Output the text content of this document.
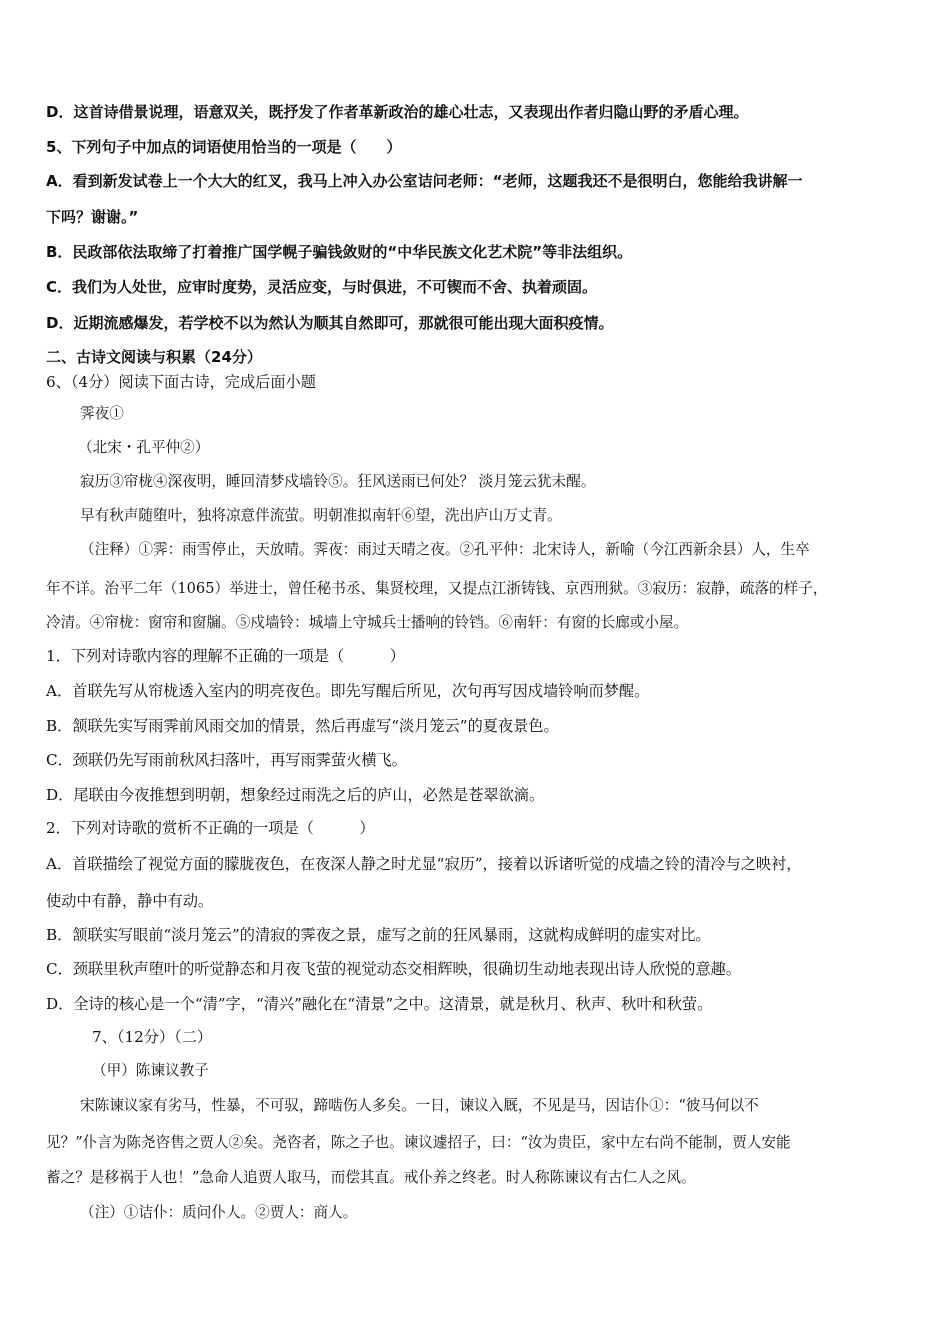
D．这首诗借景说理，语意双关，既抒发了作者革新政治的雄心壮志，又表现出作者归隐山野的矛盾心理。
5、下列句子中加点的词语使用恰当的一项是（　　）
A．看到新发试卷上一个大大的红叉，我马上冲入办公室诘问老师：“老师，这题我还不是很明白，您能给我讲解一
下吗？谢谢。”
B．民政部依法取缔了打着推广国学幌子骗钱敛财的“中华民族文化艺术院”等非法组织。
C．我们为人处世，应审时度势，灵活应变，与时俱进，不可锲而不舍、执着顽固。
D．近期流感爆发，若学校不以为然认为顺其自然即可，那就很可能出现大面积疫情。
二、古诗文阅读与积累（24分）
6、（4分）阅读下面古诗，完成后面小题
霁夜①
（北宋・孔平仲②）
寂历③帘栊④深夜明，睡回清梦戍墙铃⑤。狂风送雨已何处？ 淡月笼云犹未醒。
早有秋声随堕叶，独将凉意伴流萤。明朝准拟南轩⑥望，洗出庐山万丈青。
（注释）①霁：雨雪停止，天放晴。霁夜：雨过天晴之夜。②孔平仲：北宋诗人，新喻（今江西新余县）人，生卒
年不详。治平二年（1065）举进士，曾任秘书丞、集贤校理，又提点江浙铸钱、京西刑狱。③寂历：寂静，疏落的样子，
冷清。④帘栊：窗帘和窗牖。⑤戍墙铃：城墙上守城兵士播响的铃铛。⑥南轩：有窗的长廊或小屋。
1．下列对诗歌内容的理解不正确的一项是（　　　）
A．首联先写从帘栊透入室内的明亮夜色。即先写醒后所见，次句再写因戍墙铃响而梦醒。
B．颔联先实写雨霁前风雨交加的情景，然后再虚写“淡月笼云”的夏夜景色。
C．颈联仍先写雨前秋风扫落叶，再写雨霁萤火横飞。
D．尾联由今夜推想到明朝，想象经过雨洗之后的庐山，必然是苍翠欲滴。
2．下列对诗歌的赏析不正确的一项是（　　　）
A．首联描绘了视觉方面的朦胧夜色，在夜深人静之时尤显“寂历”，接着以诉诸听觉的戍墙之铃的清冷与之映衬，
使动中有静，静中有动。
B．颔联实写眼前“淡月笼云”的清寂的霁夜之景，虚写之前的狂风暴雨，这就构成鲜明的虚实对比。
C．颈联里秋声堕叶的听觉静态和月夜飞萤的视觉动态交相辉映，很确切生动地表现出诗人欣悦的意趣。
D．全诗的核心是一个“清”字，“清兴”融化在“清景”之中。这清景，就是秋月、秋声、秋叶和秋萤。
7、（12分）（二）
（甲）陈谏议教子
宋陈谏议家有劣马，性暴，不可驭，蹄啮伤人多矣。一日，谏议入厩，不见是马，因诘仆①：“彼马何以不
见？”仆言为陈尧咨售之贾人②矣。尧咨者，陈之子也。谏议遽招子，曰：“汝为贵臣，家中左右尚不能制，贾人安能
蓄之？是移祸于人也！”急命人追贾人取马，而偿其直。戒仆养之终老。时人称陈谏议有古仁人之风。
（注）①诘仆：质问仆人。②贾人：商人。
